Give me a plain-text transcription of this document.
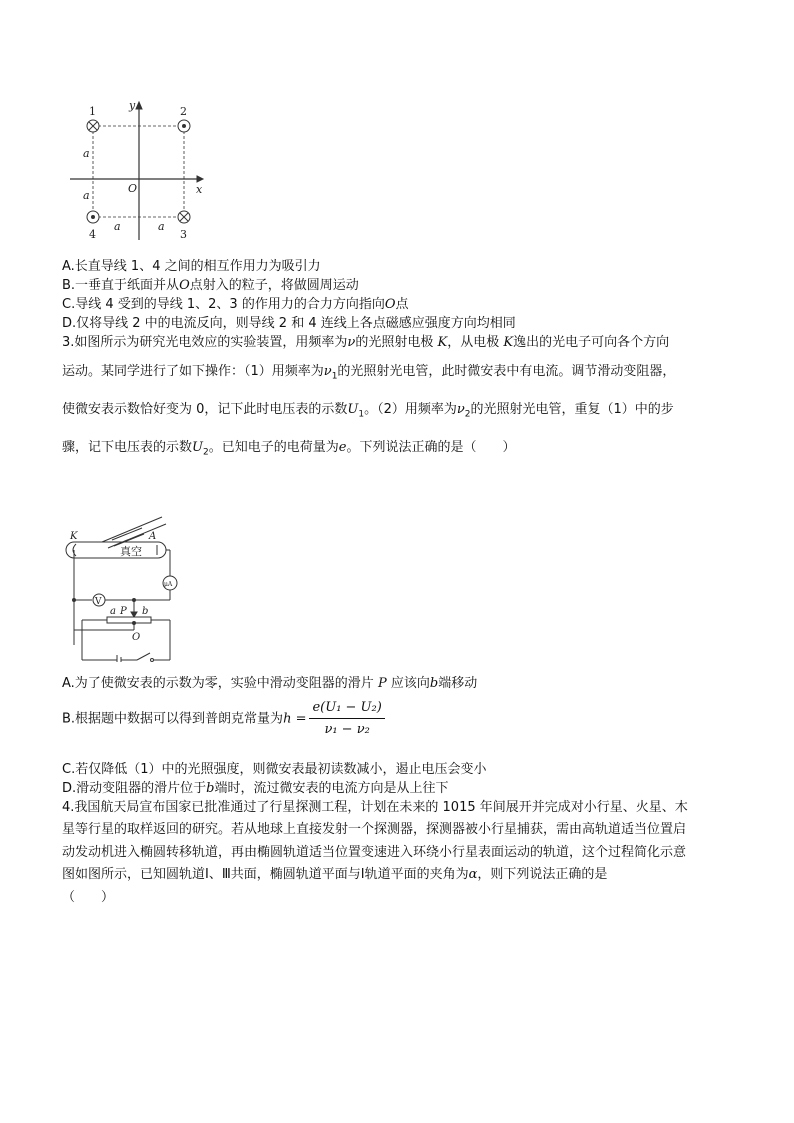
1	2
3
4
y
x
O
a
a
a	a
A.长直导线 1、4 之间的相互作用力为吸引力
B.一垂直于纸面并从O点射入的粒子，将做圆周运动
C.导线 4 受到的导线 1、2、3 的作用力的合力方向指向O点
D.仅将导线 2 中的电流反向，则导线 2 和 4 连线上各点磁感应强度方向均相同
3.如图所示为研究光电效应的实验装置，用频率为ν的光照射电极 K，从电极 K逸出的光电子可向各个方向
运动。某同学进行了如下操作：（1）用频率为$\nu_1$的光照射光电管，此时微安表中有电流。调节滑动变阻器，
使微安表示数恰好变为 0，记下此时电压表的示数$U_1$。（2）用频率为$\nu_2$的光照射光电管，重复（1）中的步
骤，记下电压表的示数$U_2$。已知电子的电荷量为e。下列说法正确的是（　　）
K	A
真空
μA
V
a P b
O
A.为了使微安表的示数为零，实验中滑动变阻器的滑片 P 应该向b端移动
B.根据题中数据可以得到普朗克常量为$h = \frac{\text{e(U₁ − U₂)}}{\text{ν₁ − ν₂}}$
C.若仅降低（1）中的光照强度，则微安表最初读数减小，遏止电压会变小
D.滑动变阻器的滑片位于b端时，流过微安表的电流方向是从上往下
4.我国航天局宣布国家已批准通过了行星探测工程，计划在未来的 1015 年间展开并完成对小行星、火星、木
星等行星的取样返回的研究。若从地球上直接发射一个探测器，探测器被小行星捕获，需由高轨道适当位置启
动发动机进入椭圆转移轨道，再由椭圆轨道适当位置变速进入环绕小行星表面运动的轨道，这个过程简化示意
图如图所示，已知圆轨道Ⅰ、Ⅲ共面，椭圆轨道平面与Ⅰ轨道平面的夹角为α，则下列说法正确的是
（　　）
